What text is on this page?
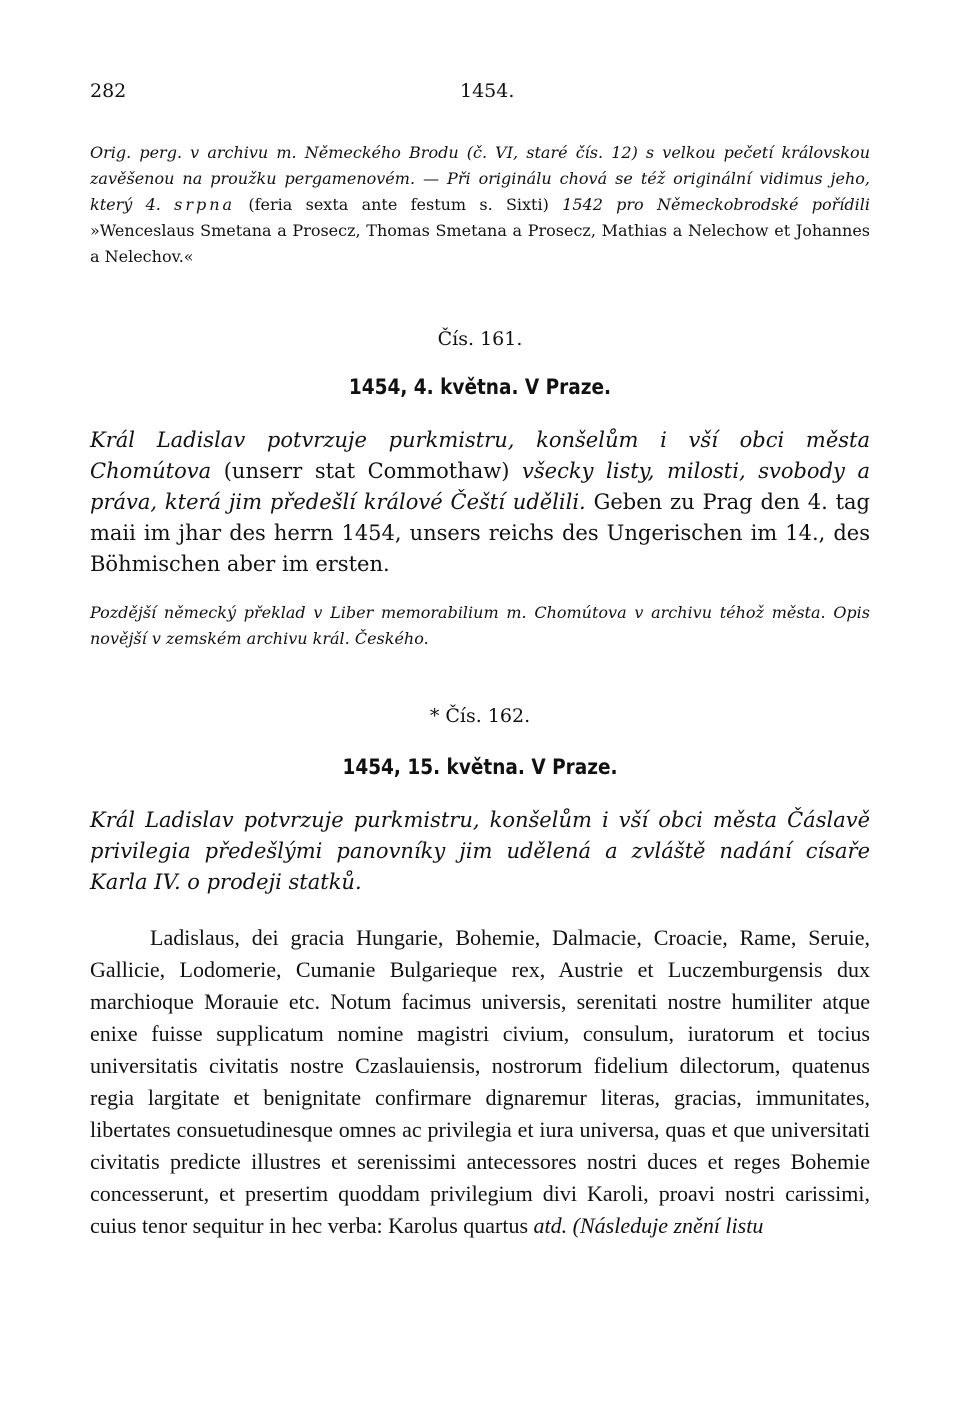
282	1454.
Orig. perg. v archivu m. Německého Brodu (č. VI, staré čís. 12) s velkou pečetí královskou zavěšenou na proužku pergamenovém. — Při originálu chová se též originální vidimus jeho, který 4. srpna (feria sexta ante festum s. Sixti) 1542 pro Německobrodské pořídili »Wenceslaus Smetana a Prosecz, Thomas Smetana a Prosecz, Mathias a Nelechow et Johannes a Nelechov.«
Čís. 161.
1454, 4. května. V Praze.
Král Ladislav potvrzuje purkmistru, konšelům i vší obci města Chomútova (unserr stat Commothaw) všecky listy, milosti, svobody a práva, která jim předešlí králové Čeští udělili. Geben zu Prag den 4. tag maii im jhar des herrn 1454, unsers reichs des Ungerischen im 14., des Böhmischen aber im ersten.
Pozdější německý překlad v Liber memorabilium m. Chomútova v archivu téhož města. Opis novější v zemském archivu král. Českého.
* Čís. 162.
1454, 15. května. V Praze.
Král Ladislav potvrzuje purkmistru, konšelům i vší obci města Čáslavě privilegia předešlými panovníky jim udělená a zvláště nadání císaře Karla IV. o prodeji statků.
Ladislaus, dei gracia Hungarie, Bohemie, Dalmacie, Croacie, Rame, Seruie, Gallicie, Lodomerie, Cumanie Bulgarieque rex, Austrie et Luczemburgensis dux marchioque Morauie etc. Notum facimus universis, serenitati nostre humiliter atque enixe fuisse supplicatum nomine magistri civium, consulum, iuratorum et tocius universitatis civitatis nostre Czaslauiensis, nostrorum fidelium dilectorum, quatenus regia largitate et benignitate confirmare dignaremur literas, gracias, immunitates, libertates consuetudinesque omnes ac privilegia et iura universa, quas et que universitati civitatis predicte illustres et serenissimi antecessores nostri duces et reges Bohemie concesserunt, et presertim quoddam privilegium divi Karoli, proavi nostri carissimi, cuius tenor sequitur in hec verba: Karolus quartus atd. (Následuje znění listu
